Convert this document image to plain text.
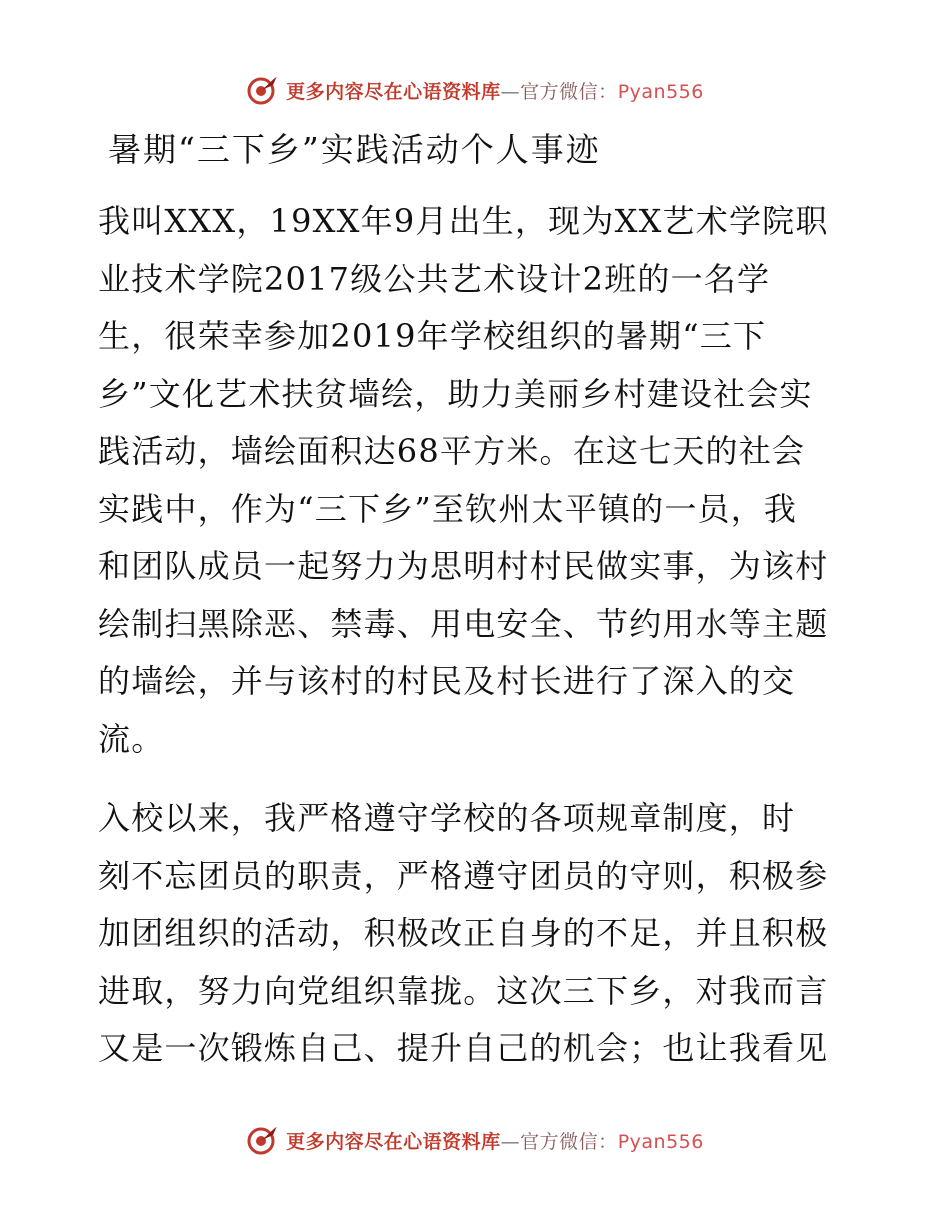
更多内容尽在心语资料库—官方微信：Pyan556
暑期“三下乡”实践活动个人事迹
我叫XXX，19XX年9月出生，现为XX艺术学院职
业技术学院2017级公共艺术设计2班的一名学
生，很荣幸参加2019年学校组织的暑期“三下
乡”文化艺术扶贫墙绘，助力美丽乡村建设社会实
践活动，墙绘面积达68平方米。在这七天的社会
实践中，作为“三下乡”至钦州太平镇的一员，我
和团队成员一起努力为思明村村民做实事，为该村
绘制扫黑除恶、禁毒、用电安全、节约用水等主题
的墙绘，并与该村的村民及村长进行了深入的交
流。
入校以来，我严格遵守学校的各项规章制度，时
刻不忘团员的职责，严格遵守团员的守则，积极参
加团组织的活动，积极改正自身的不足，并且积极
进取，努力向党组织靠拢。这次三下乡，对我而言
又是一次锻炼自己、提升自己的机会；也让我看见
更多内容尽在心语资料库—官方微信：Pyan556
